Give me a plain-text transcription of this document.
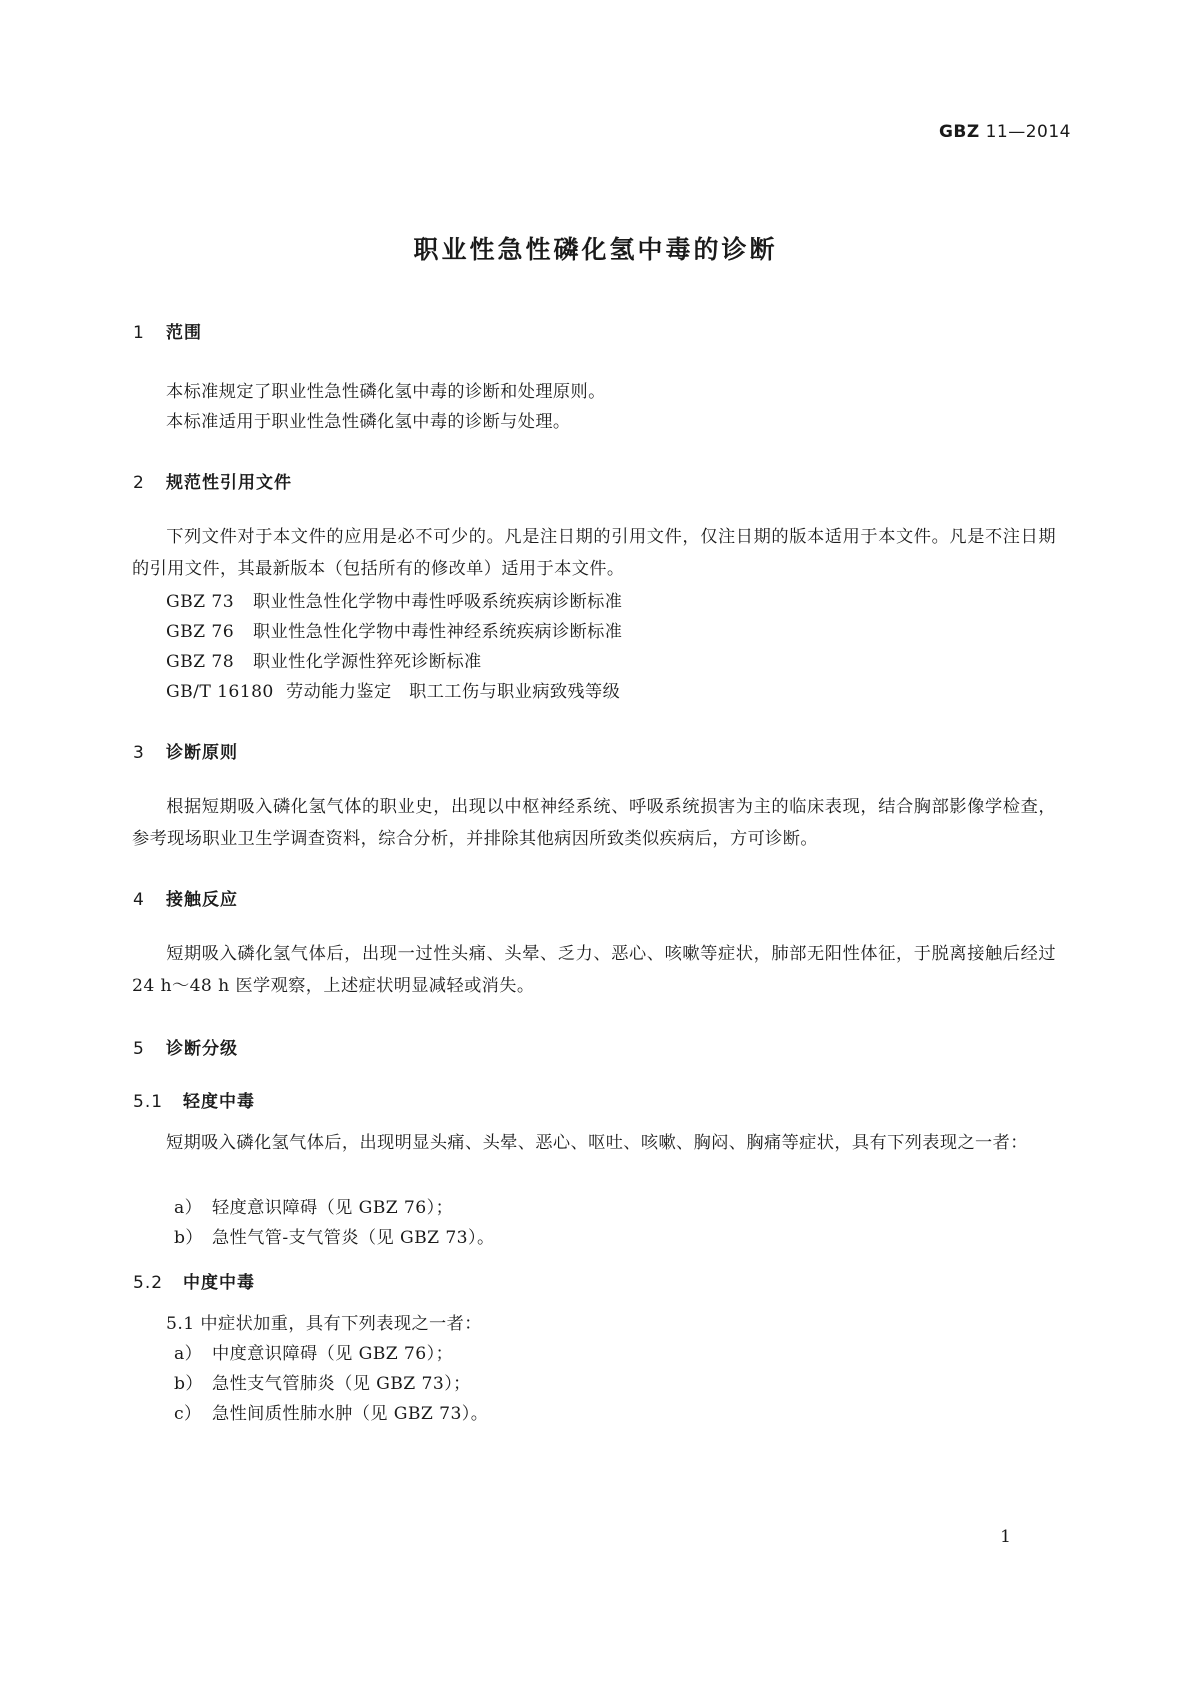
GBZ 11—2014
职业性急性磷化氢中毒的诊断
1 范围
本标准规定了职业性急性磷化氢中毒的诊断和处理原则。
本标准适用于职业性急性磷化氢中毒的诊断与处理。
2 规范性引用文件

下列文件对于本文件的应用是必不可少的。凡是注日期的引用文件，仅注日期的版本适用于本文件。凡是不注日期的引用文件，其最新版本（包括所有的修改单）适用于本文件。

GBZ 73 职业性急性化学物中毒性呼吸系统疾病诊断标准
GBZ 76 职业性急性化学物中毒性神经系统疾病诊断标准
GBZ 78 职业性化学源性猝死诊断标准
GB/T 16180 劳动能力鉴定　职工工伤与职业病致残等级
3 诊断原则

根据短期吸入磷化氢气体的职业史，出现以中枢神经系统、呼吸系统损害为主的临床表现，结合胸部影像学检查，参考现场职业卫生学调查资料，综合分析，并排除其他病因所致类似疾病后，方可诊断。

4 接触反应

短期吸入磷化氢气体后，出现一过性头痛、头晕、乏力、恶心、咳嗽等症状，肺部无阳性体征，于脱离接触后经过 24 h～48 h 医学观察，上述症状明显减轻或消失。

5 诊断分级
5.1 轻度中毒

短期吸入磷化氢气体后，出现明显头痛、头晕、恶心、呕吐、咳嗽、胸闷、胸痛等症状，具有下列表现之一者：

a） 轻度意识障碍（见 GBZ 76）；
b） 急性气管-支气管炎（见 GBZ 73）。
5.2 中度中毒
5.1 中症状加重，具有下列表现之一者：
a） 中度意识障碍（见 GBZ 76）；
b） 急性支气管肺炎（见 GBZ 73）；
c） 急性间质性肺水肿（见 GBZ 73）。
1
